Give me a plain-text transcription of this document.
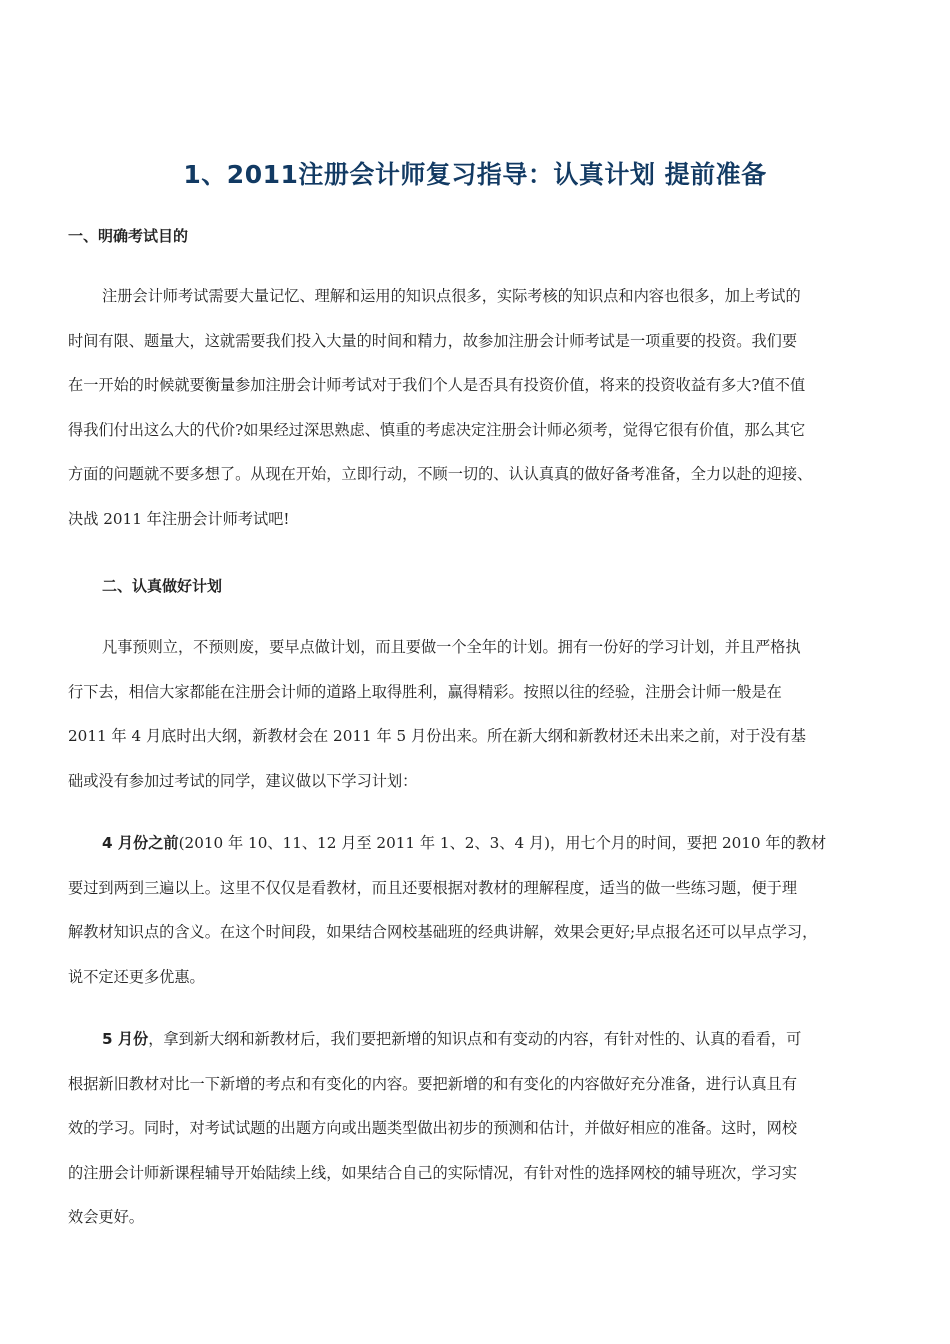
1、2011注册会计师复习指导：认真计划 提前准备
一、明确考试目的
注册会计师考试需要大量记忆、理解和运用的知识点很多，实际考核的知识点和内容也很多，加上考试的
时间有限、题量大，这就需要我们投入大量的时间和精力，故参加注册会计师考试是一项重要的投资。我们要
在一开始的时候就要衡量参加注册会计师考试对于我们个人是否具有投资价值，将来的投资收益有多大?值不值
得我们付出这么大的代价?如果经过深思熟虑、慎重的考虑决定注册会计师必须考，觉得它很有价值，那么其它
方面的问题就不要多想了。从现在开始，立即行动，不顾一切的、认认真真的做好备考准备，全力以赴的迎接、
决战 2011 年注册会计师考试吧!
二、认真做好计划
凡事预则立，不预则废，要早点做计划，而且要做一个全年的计划。拥有一份好的学习计划，并且严格执
行下去，相信大家都能在注册会计师的道路上取得胜利，赢得精彩。按照以往的经验，注册会计师一般是在
2011 年 4 月底时出大纲，新教材会在 2011 年 5 月份出来。所在新大纲和新教材还未出来之前，对于没有基
础或没有参加过考试的同学，建议做以下学习计划：
4 月份之前(2010 年 10、11、12 月至 2011 年 1、2、3、4 月)，用七个月的时间，要把 2010 年的教材
要过到两到三遍以上。这里不仅仅是看教材，而且还要根据对教材的理解程度，适当的做一些练习题，便于理
解教材知识点的含义。在这个时间段，如果结合网校基础班的经典讲解，效果会更好;早点报名还可以早点学习，
说不定还更多优惠。
5 月份，拿到新大纲和新教材后，我们要把新增的知识点和有变动的内容，有针对性的、认真的看看，可
根据新旧教材对比一下新增的考点和有变化的内容。要把新增的和有变化的内容做好充分准备，进行认真且有
效的学习。同时，对考试试题的出题方向或出题类型做出初步的预测和估计，并做好相应的准备。这时，网校
的注册会计师新课程辅导开始陆续上线，如果结合自己的实际情况，有针对性的选择网校的辅导班次，学习实
效会更好。
